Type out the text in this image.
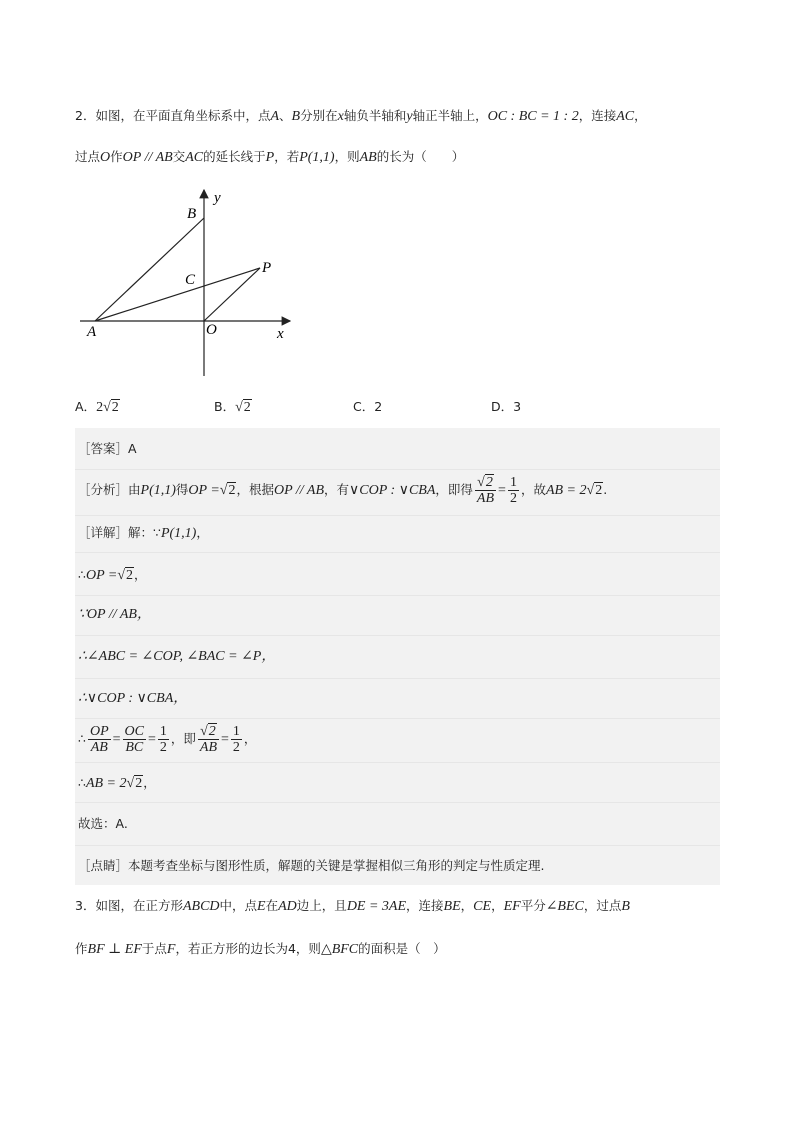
2．如图，在平面直角坐标系中，点A、B分别在x轴负半轴和y轴正半轴上，OC : BC = 1 : 2，连接AC，
过点O作OP // AB交AC的延长线于P，若P(1,1)，则AB的长为（　　）
B
y
C
P
A	O	x
A．2√2	B．√2	C．2	D．3
［答案］A
［分析］由P(1,1)得OP =√2，根据OP // AB，有∨COP : ∨CBA，即得 $\frac{√2}{AB} = \frac{1}{2}$ ，故AB = 2√2.
［详解］解：∵P(1,1)，
∴OP =√2，
∵OP // AB，
∴∠ABC = ∠COP, ∠BAC = ∠P，
∴∨COP : ∨CBA，
∴ $\frac{OP}{AB} = \frac{OC}{BC} = \frac{1}{2}$ ，即 $\frac{√2}{AB} = \frac{1}{2}$ ，
∴AB = 2√2，
故选：A.
［点睛］本题考查坐标与图形性质，解题的关键是掌握相似三角形的判定与性质定理.
3．如图，在正方形ABCD中，点E在AD边上，且DE = 3AE，连接BE，CE，EF平分∠BEC，过点B
作BF ⊥ EF于点F，若正方形的边长为4，则△BFC的面积是（　）
